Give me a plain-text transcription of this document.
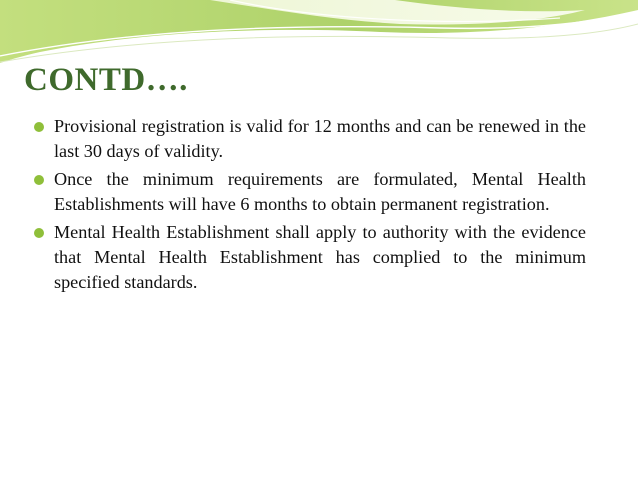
CONTD….
Provisional registration is valid for 12 months and can be renewed in the last 30 days of validity.
Once the minimum requirements are formulated, Mental Health Establishments will have 6 months to obtain permanent registration.
Mental Health Establishment shall apply to authority with the evidence that Mental Health Establishment has complied to the minimum specified standards.
